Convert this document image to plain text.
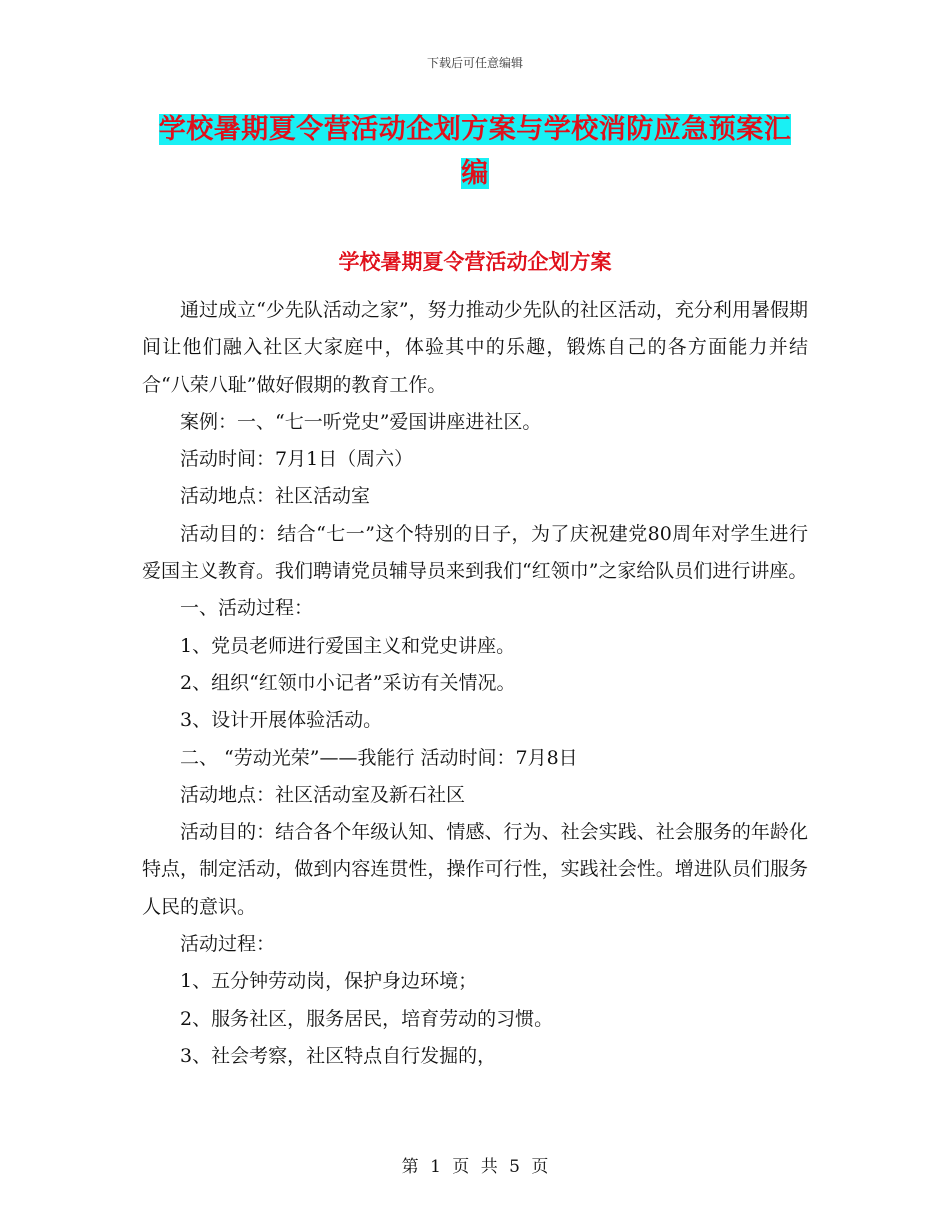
下载后可任意编辑
学校暑期夏令营活动企划方案与学校消防应急预案汇
编
学校暑期夏令营活动企划方案

通过成立“少先队活动之家”，努力推动少先队的社区活动，充分利用暑假期间让他们融入社区大家庭中，体验其中的乐趣，锻炼自己的各方面能力并结合“八荣八耻”做好假期的教育工作。

案例：一、“七一听党史”爱国讲座进社区。

活动时间：7月1日（周六）

活动地点：社区活动室

活动目的：结合“七一”这个特别的日子，为了庆祝建党80周年对学生进行爱国主义教育。我们聘请党员辅导员来到我们“红领巾”之家给队员们进行讲座。

一、活动过程：

1、党员老师进行爱国主义和党史讲座。

2、组织“红领巾小记者”采访有关情况。

3、设计开展体验活动。

二、 “劳动光荣”——我能行 活动时间：7月8日

活动地点：社区活动室及新石社区

活动目的：结合各个年级认知、情感、行为、社会实践、社会服务的年龄化特点，制定活动，做到内容连贯性，操作可行性，实践社会性。增进队员们服务人民的意识。

活动过程：

1、五分钟劳动岗，保护身边环境；

2、服务社区，服务居民，培育劳动的习惯。

3、社会考察，社区特点自行发掘的，

第 1 页 共 5 页
